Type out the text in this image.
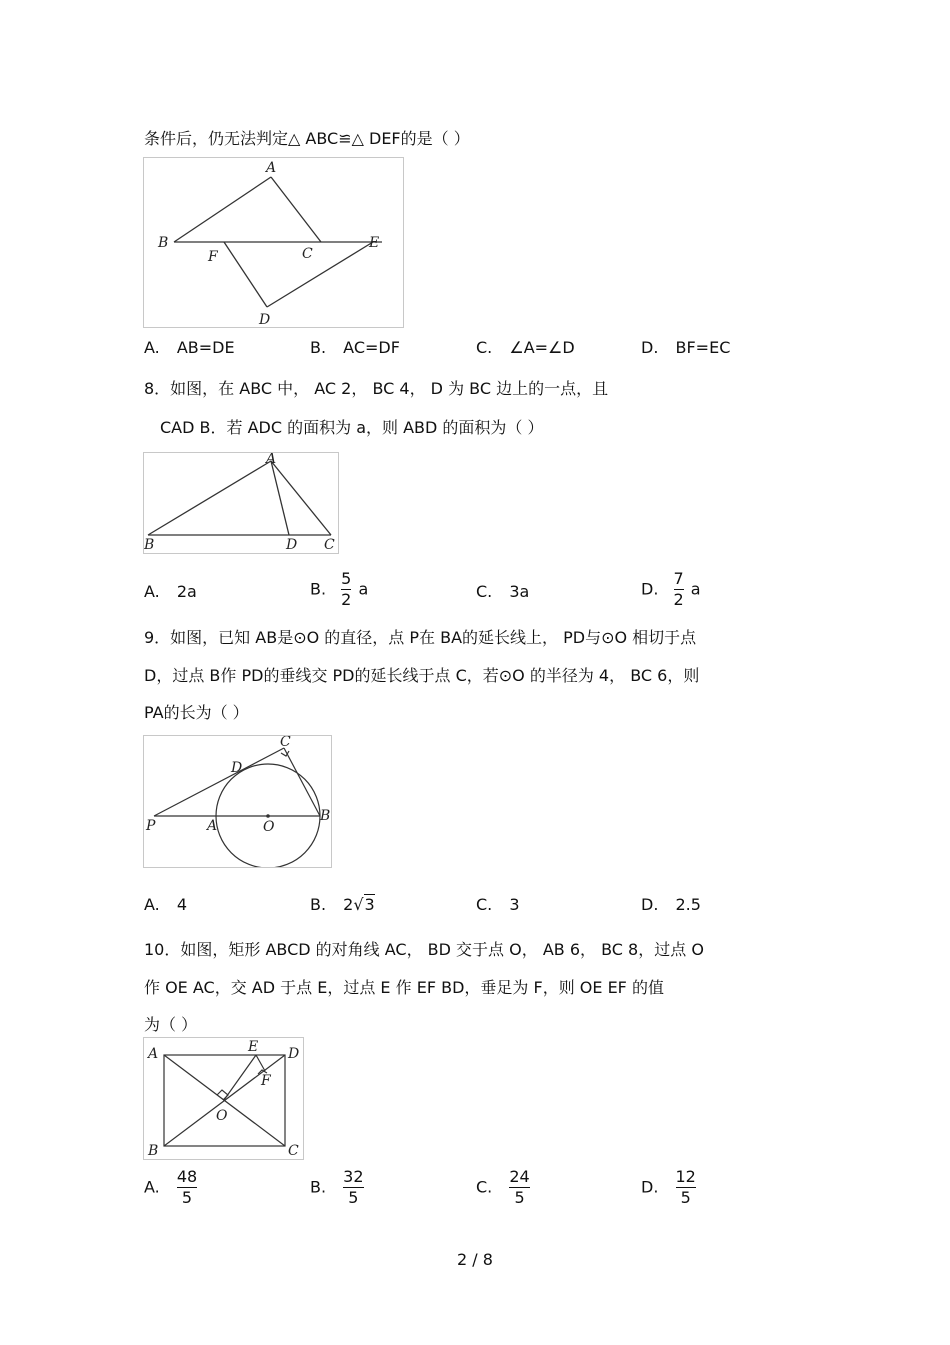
条件后，仍无法判定△ ABC≌△ DEF的是（ ）
A
B
F	C
E
D
A. AB=DE	B. AC=DF	C. ∠A=∠D	D. BF=EC
8．如图，在 ABC 中， AC 2， BC 4， D 为 BC 边上的一点，且
CAD B．若 ADC 的面积为 a，则 ABD 的面积为（ ）
A
B	D C
A. 2a	B. $\frac{5}{2}$ a	C. 3a	D. $\frac{7}{2}$ a
9．如图，已知 AB是⊙O 的直径，点 P在 BA的延长线上， PD与⊙O 相切于点
D，过点 B作 PD的垂线交 PD的延长线于点 C，若⊙O 的半径为 4， BC 6，则
PA的长为（ ）
P	A	O
B
D
C
A. 4	B. 2√3	C. 3	D. 2.5
10．如图，矩形 ABCD 的对角线 AC， BD 交于点 O， AB 6， BC 8，过点 O
作 OE AC，交 AD 于点 E，过点 E 作 EF BD，垂足为 F，则 OE EF 的值
为（ ）
A	D
B	C
E
F
O
A. $\frac{48}{5}$	B. $\frac{32}{5}$	C. $\frac{24}{5}$	D. $\frac{12}{5}$
2 / 8
